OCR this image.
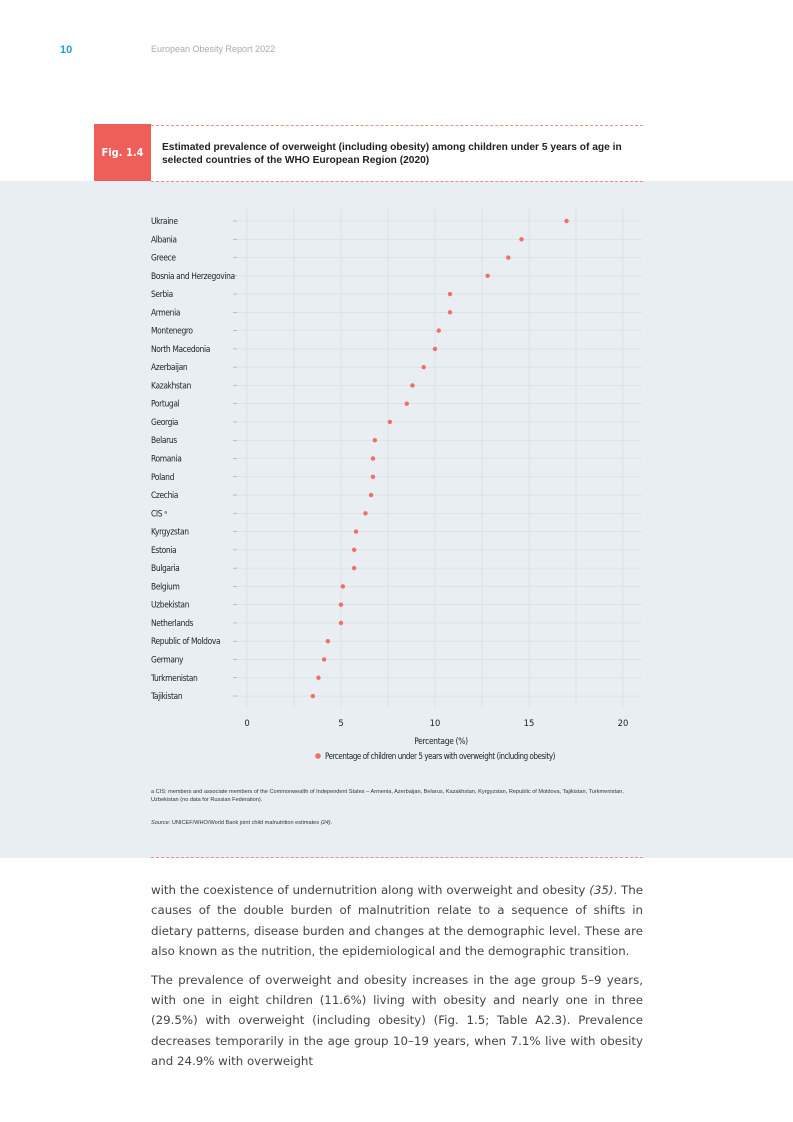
10	European Obesity Report 2022
Fig. 1.4	Estimated prevalence of overweight (including obesity) among children under 5 years of age in selected countries of the WHO European Region (2020)
Ukraine
Albania
Greece
Bosnia and Herzegovina
Serbia
Armenia
Montenegro
North Macedonia
Azerbaijan
Kazakhstan
Portugal
Georgia
Belarus
Romania
Poland
Czechia
CIS ᵃ
Kyrgyzstan
Estonia
Bulgaria
Belgium
Uzbekistan
Netherlands
Republic of Moldova
Germany
Turkmenistan
Tajikistan
0	5	10	15	20
Percentage (%)
Percentage of children under 5 years with overweight (including obesity)
a CIS: members and associate members of the Commonwealth of Independent States – Armenia, Azerbaijan, Belarus, Kazakhstan, Kyrgyzstan, Republic of Moldova, Tajikistan, Turkmenistan, Uzbekistan (no data for Russian Federation).
Source: UNICEF/WHO/World Bank joint child malnutrition estimates (24).

with the coexistence of undernutrition along with overweight and obesity (35). The causes of the double burden of malnutrition relate to a sequence of shifts in dietary patterns, disease burden and changes at the demographic level. These are also known as the nutrition, the epidemiological and the demographic transition.

The prevalence of overweight and obesity increases in the age group 5–9 years, with one in eight children (11.6%) living with obesity and nearly one in three (29.5%) with overweight (including obesity) (Fig. 1.5; Table A2.3). Prevalence decreases temporarily in the age group 10–19 years, when 7.1% live with obesity and 24.9% with overweight
